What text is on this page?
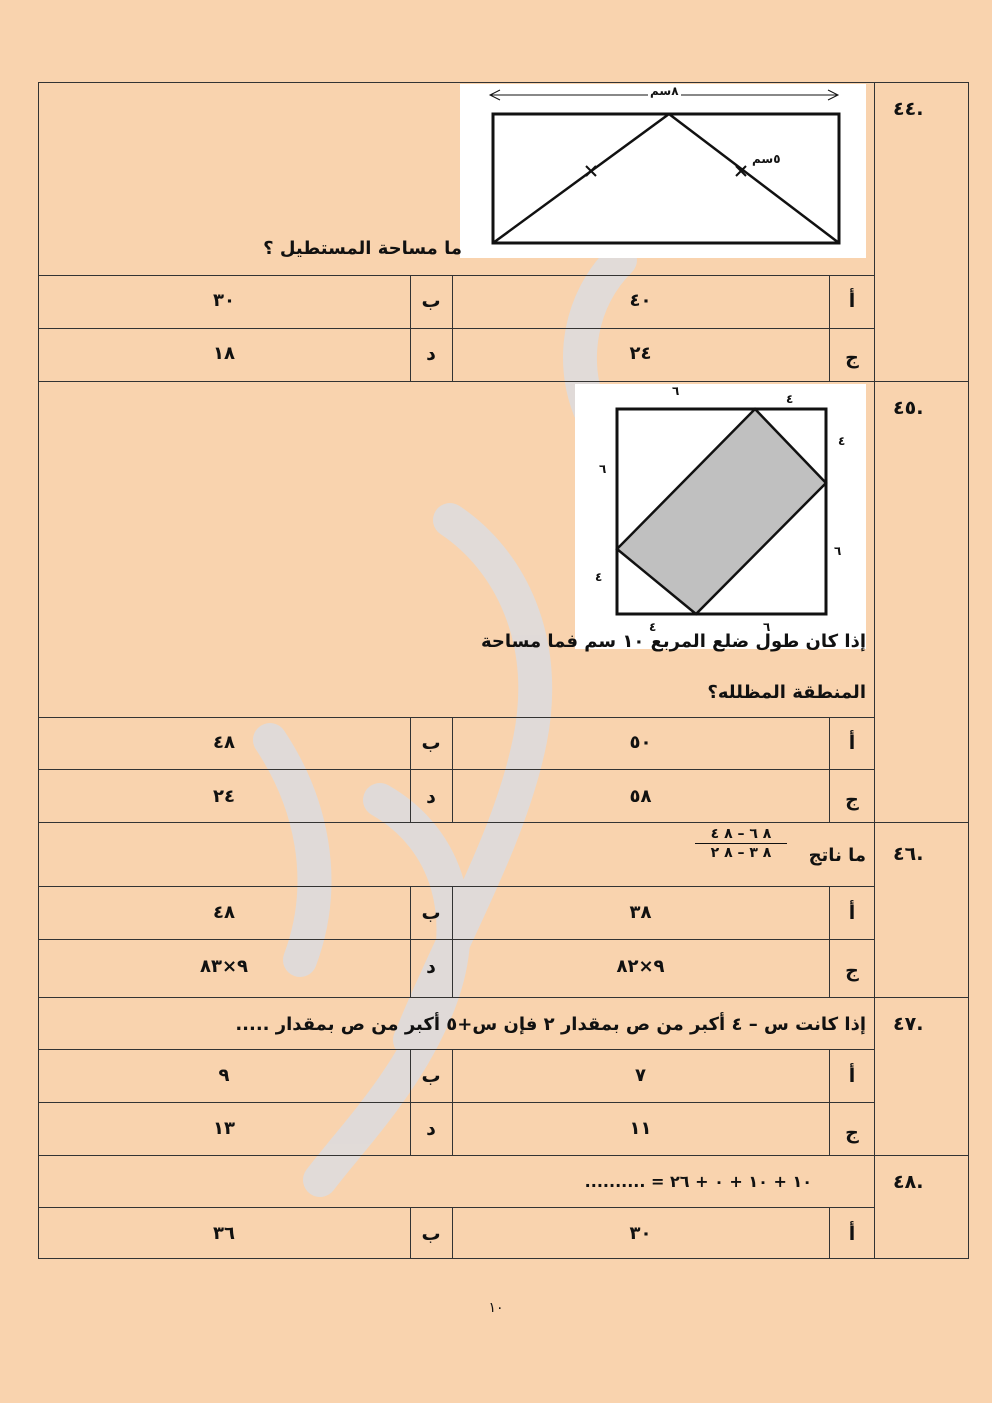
.٤٤
٨سم
٥سم
ما مساحة المستطيل ؟
أ
٤٠
ب
٣٠
ج
٢٤
د
١٨
.٤٥
٦
٤
٤
٦
٦
٤
٤	٦
إذا كان طول ضلع المربع ١٠ سم فما مساحة
المنطقة المظلله؟
أ
٥٠
ب
٤٨
ج
٥٨
د
٢٤
.٤٦
ما ناتج
٨ ٦ – ٨ ٤
٨ ٣ – ٨ ٢
أ
٣٨
ب
٤٨
ج
٩×٨٢
د
٩×٨٣
.٤٧
إذا كانت س – ٤ أكبر من ص بمقدار ٢ فإن س+٥ أكبر من ص بمقدار .....
أ
٧
ب
٩
ج
١١
د
١٣
.٤٨
١٠ + ١٠ + ٠ + ٢٦ = ..........
أ
٣٠
ب
٣٦
١٠
